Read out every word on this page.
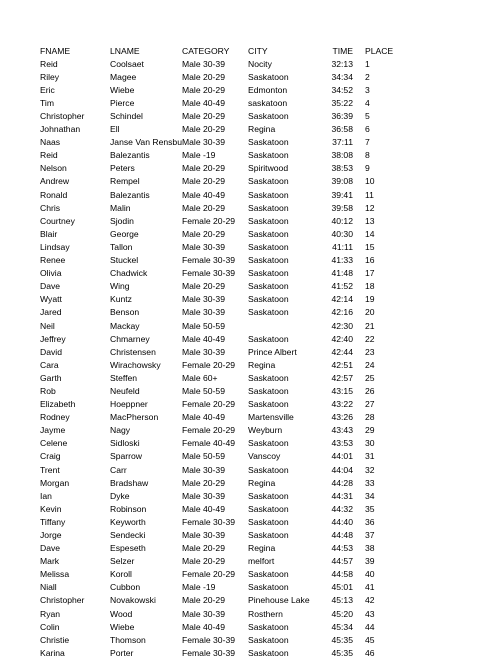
FNAME	LNAME	CATEGORY	CITY	TIME	PLACE
Reid	Coolsaet	Male 30-39	Nocity	32:13	1
Riley	Magee	Male 20-29	Saskatoon	34:34	2
Eric	Wiebe	Male 20-29	Edmonton	34:52	3
Tim	Pierce	Male 40-49	saskatoon	35:22	4
Christopher	Schindel	Male 20-29	Saskatoon	36:39	5
Johnathan	Ell	Male 20-29	Regina	36:58	6
Naas	Janse Van Rensbu	Male 30-39	Saskatoon	37:11	7
Reid	Balezantis	Male -19	Saskatoon	38:08	8
Nelson	Peters	Male 20-29	Spiritwood	38:53	9
Andrew	Rempel	Male 20-29	Saskatoon	39:08	10
Ronald	Balezantis	Male 40-49	Saskatoon	39:41	11
Chris	Malin	Male 20-29	Saskatoon	39:58	12
Courtney	Sjodin	Female 20-29	Saskatoon	40:12	13
Blair	George	Male 20-29	Saskatoon	40:30	14
Lindsay	Tallon	Male 30-39	Saskatoon	41:11	15
Renee	Stuckel	Female 30-39	Saskatoon	41:33	16
Olivia	Chadwick	Female 30-39	Saskatoon	41:48	17
Dave	Wing	Male 20-29	Saskatoon	41:52	18
Wyatt	Kuntz	Male 30-39	Saskatoon	42:14	19
Jared	Benson	Male 30-39	Saskatoon	42:16	20
Neil	Mackay	Male 50-59		42:30	21
Jeffrey	Chmarney	Male 40-49	Saskatoon	42:40	22
David	Christensen	Male 30-39	Prince Albert	42:44	23
Cara	Wirachowsky	Female 20-29	Regina	42:51	24
Garth	Steffen	Male 60+	Saskatoon	42:57	25
Rob	Neufeld	Male 50-59	Saskatoon	43:15	26
Elizabeth	Hoeppner	Female 20-29	Saskatoon	43:22	27
Rodney	MacPherson	Male 40-49	Martensville	43:26	28
Jayme	Nagy	Female 20-29	Weyburn	43:43	29
Celene	Sidloski	Female 40-49	Saskatoon	43:53	30
Craig	Sparrow	Male 50-59	Vanscoy	44:01	31
Trent	Carr	Male 30-39	Saskatoon	44:04	32
Morgan	Bradshaw	Male 20-29	Regina	44:28	33
Ian	Dyke	Male 30-39	Saskatoon	44:31	34
Kevin	Robinson	Male 40-49	Saskatoon	44:32	35
Tiffany	Keyworth	Female 30-39	Saskatoon	44:40	36
Jorge	Sendecki	Male 30-39	Saskatoon	44:48	37
Dave	Espeseth	Male 20-29	Regina	44:53	38
Mark	Selzer	Male 20-29	melfort	44:57	39
Melissa	Koroll	Female 20-29	Saskatoon	44:58	40
Niall	Cubbon	Male -19	Saskatoon	45:01	41
Christopher	Novakowski	Male 20-29	Pinehouse Lake	45:13	42
Ryan	Wood	Male 30-39	Rosthern	45:20	43
Colin	Wiebe	Male 40-49	Saskatoon	45:34	44
Christie	Thomson	Female 30-39	Saskatoon	45:35	45
Karina	Porter	Female 30-39	Saskatoon	45:35	46
